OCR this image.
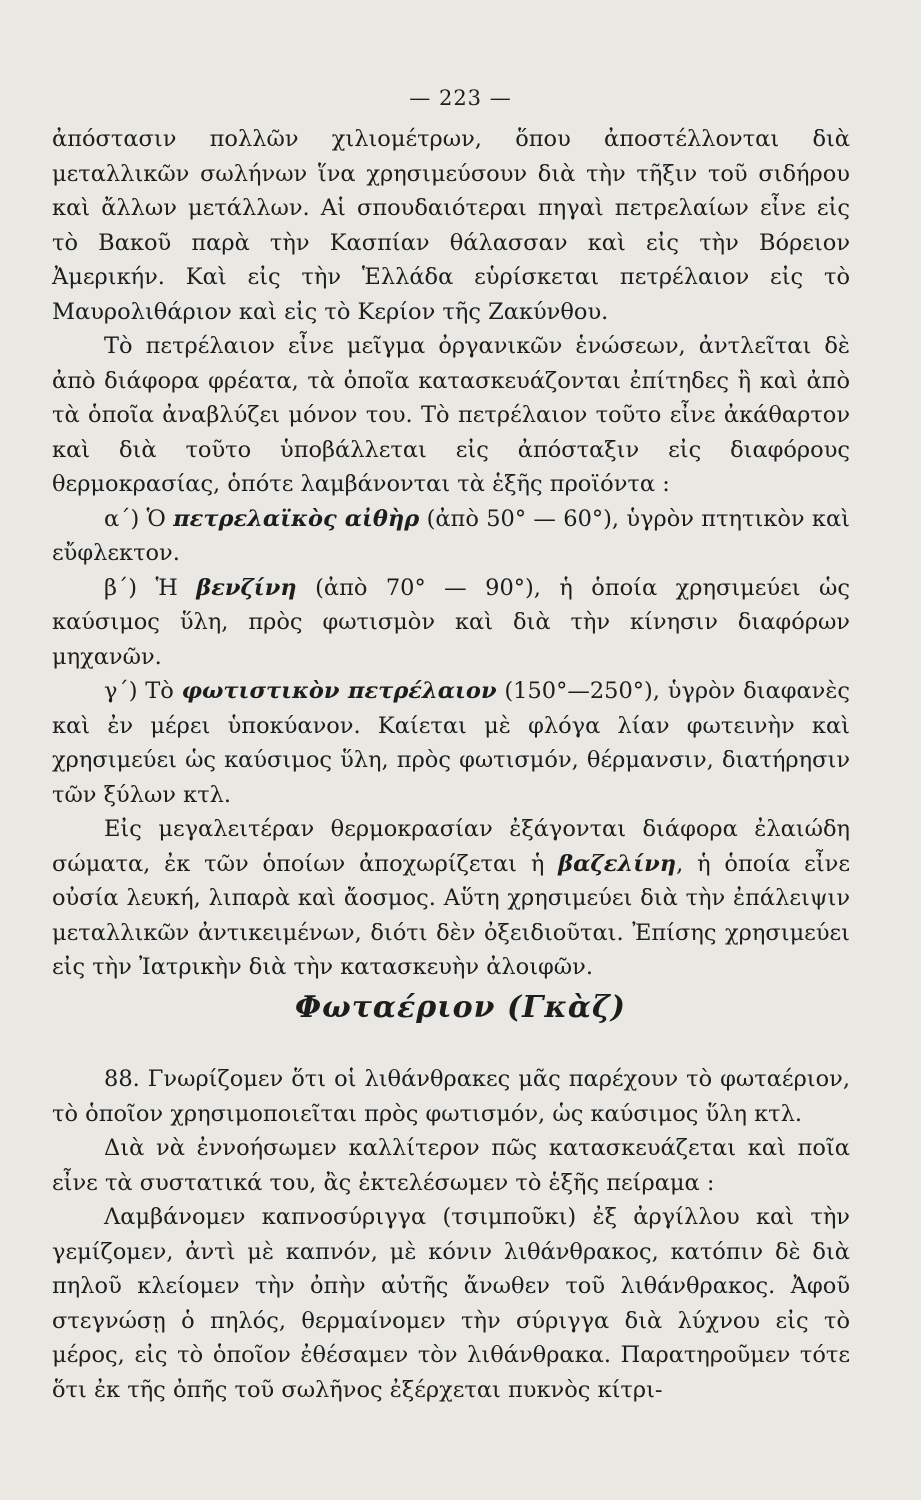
— 223 —

ἀπόστασιν πολλῶν χιλιομέτρων, ὅπου ἀποστέλλονται διὰ μεταλλικῶν σωλήνων ἵνα χρησιμεύσουν διὰ τὴν τῆξιν τοῦ σιδήρου καὶ ἄλλων μετάλλων. Αἱ σπουδαιότεραι πηγαὶ πετρελαίων εἶνε εἰς τὸ Βακοῦ παρὰ τὴν Κασπίαν θάλασσαν καὶ εἰς τὴν Βόρειον Ἀμερικήν. Καὶ εἰς τὴν Ἑλλάδα εὑρίσκεται πετρέλαιον εἰς τὸ Μαυρολιθάριον καὶ εἰς τὸ Κερίον τῆς Ζακύνθου.

Τὸ πετρέλαιον εἶνε μεῖγμα ὀργανικῶν ἑνώσεων, ἀντλεῖται δὲ ἀπὸ διάφορα φρέατα, τὰ ὁποῖα κατασκευάζονται ἐπίτηδες ἢ καὶ ἀπὸ τὰ ὁποῖα ἀναβλύζει μόνον του. Τὸ πετρέλαιον τοῦτο εἶνε ἀκάθαρτον καὶ διὰ τοῦτο ὑποβάλλεται εἰς ἀπόσταξιν εἰς διαφόρους θερμοκρασίας, ὁπότε λαμβάνονται τὰ ἑξῆς προϊόντα :

α΄) Ὁ πετρελαϊκὸς αἰθὴρ (ἀπὸ 50° — 60°), ὑγρὸν πτητικὸν καὶ εὔφλεκτον.

β΄) Ἡ βενζίνη (ἀπὸ 70° — 90°), ἡ ὁποία χρησιμεύει ὡς καύσιμος ὕλη, πρὸς φωτισμὸν καὶ διὰ τὴν κίνησιν διαφόρων μηχανῶν.

γ΄) Τὸ φωτιστικὸν πετρέλαιον (150°—250°), ὑγρὸν διαφανὲς καὶ ἐν μέρει ὑποκύανον. Καίεται μὲ φλόγα λίαν φωτεινὴν καὶ χρησιμεύει ὡς καύσιμος ὕλη, πρὸς φωτισμόν, θέρμανσιν, διατήρησιν τῶν ξύλων κτλ.

Εἰς μεγαλειτέραν θερμοκρασίαν ἐξάγονται διάφορα ἐλαιώδη σώματα, ἐκ τῶν ὁποίων ἀποχωρίζεται ἡ βαζελίνη, ἡ ὁποία εἶνε οὐσία λευκή, λιπαρὰ καὶ ἄοσμος. Αὕτη χρησιμεύει διὰ τὴν ἐπάλειψιν μεταλλικῶν ἀντικειμένων, διότι δὲν ὀξειδιοῦται. Ἐπίσης χρησιμεύει εἰς τὴν Ἰατρικὴν διὰ τὴν κατασκευὴν ἀλοιφῶν.

Φωταέριον (Γκὰζ)

88. Γνωρίζομεν ὅτι οἱ λιθάνθρακες μᾶς παρέχουν τὸ φωταέριον, τὸ ὁποῖον χρησιμοποιεῖται πρὸς φωτισμόν, ὡς καύσιμος ὕλη κτλ.

Διὰ νὰ ἐννοήσωμεν καλλίτερον πῶς κατασκευάζεται καὶ ποῖα εἶνε τὰ συστατικά του, ἂς ἐκτελέσωμεν τὸ ἑξῆς πείραμα :

Λαμβάνομεν καπνοσύριγγα (τσιμποῦκι) ἐξ ἀργίλλου καὶ τὴν γεμίζομεν, ἀντὶ μὲ καπνόν, μὲ κόνιν λιθάνθρακος, κατόπιν δὲ διὰ πηλοῦ κλείομεν τὴν ὀπὴν αὐτῆς ἄνωθεν τοῦ λιθάνθρακος. Ἀφοῦ στεγνώσῃ ὁ πηλός, θερμαίνομεν τὴν σύριγγα διὰ λύχνου εἰς τὸ μέρος, εἰς τὸ ὁποῖον ἐθέσαμεν τὸν λιθάνθρακα. Παρατηροῦμεν τότε ὅτι ἐκ τῆς ὀπῆς τοῦ σωλῆνος ἐξέρχεται πυκνὸς κίτρι-
